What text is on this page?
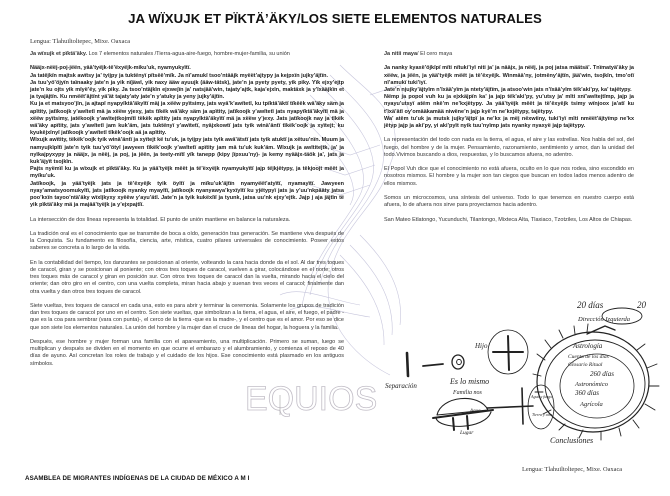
EQUIOS
JA WÏXUJK ET PÏKTÄ’ÄKY/LOS SIETE ELEMENTOS NATURALES
Lengua: Tlahuiltoltepec, Mixe. Oaxaca

Ja wïxujk et pïktä’äky. Los 7 elementos naturales /Tierra-agua-aire-fuego, hombre-mujer-familia, su unión

Nääjx-nëëj-poj-jëën, yää’tyëjk-të’ëxyëjk-miku’uk, nyamyukyïtï.
Ja tatëjkïn majtsk awïtsy ja’ tyijpy ja tuktënyï pïtsëë’mïk. Ja nï’amukï tsoo’ntääjk myëët’ajtypy ja kejpxïn jujky’äjtïn.
Ja tuu’yö’öjyïn taïnaaky jate’n ja yik nïjäwï, yik naxy ääw ayuujk (ääw-tätsk), jate’n ja pyety pyety, yik piky. Yïk ejxy’ejtp jate’n ku ojts yik mïyë’ëy, yik piky. Ja tsoo’ntäjkïn ejxwejïn ja’ natsjää’win, tajaty’ajtk, kaja’ejxïn, maktäxk ja y’ïxääjkïn et ja tyajäjtïn. Ku nmëët’äjtïnt yä’ät tajaty’aty jate’n y’atuky ja yeny jujky’äjtïn.
Ku ja et matsyoo’jïn, ja ajtapï nyapyïktä’äkyïtï mäj ja xëëw pyïtsimy, jats wyä’k’awïtetï, ku tpïktä’äktï tïkëëk wä’äky säm ja apïtity, jatïkoojk y’awïtetï mä ja xëëw yjexy, jats tïkëk wä’äky säm ja apïtity, jatïkoojk y’awïtetï jats nyapyïktä’äkyïtï mä ja xëëw pyïtsimy, jatëkoojk y’awïtejtkojmïtï tëkëk apïtity jats nyapyïktä’äkyïtï mä ja xëëw y’jexy. Jats jatïkoojk nay ja tïkëk wä’äky apïtity, jats y’awïtetï jam kuk’äm, jats tuktënyï y’awïtetï, nyäjxkowtï jats tyik winä’äntï tïkëk’oojk ja xyïtejt; ku kyukëjxïnyï jatïkoojk y’awïtetï tïkëk’oojk aä ja apïtity.
Wïxujk awïtity, tëkëk’oojk tyik winä’äntï ja xyïtejt kë tu’uk, ja tyijpy jats tyik awä’ätstï jats tyik atuktï ja xëtuu’nïn. Muum ja namyujkïpïtï jate’n tyik tuu’yö’ötyï jawyeen tïkëk’oojk y’awïtetï apïtity jam mä tu’uk kuk’äm. Wïxujk ja awïtitejtk, ja’ ja nyïkajpyxypy ja nääjx, ja nëëj, ja poj, ja jëën, ja teety-mïtï yïk tanepp (kipy jïpxuu’ny)- ja kemy nyääjx-täök ja’, jats ja kuk’äjyït tsojkïn.
Pajts nyëmïï ku ja wïxujk et pïktä’äky. Ku ja yää’tyëjk mëët ja të’ëxyëjk nyamyukyïtï jajp tëjkjëtypy, ja tëkjoojt mëët ja myïku’uk.
Jatïkoojk, ja yää’tyëjk jats ja të’ëxyëjk tyik öyïtï ja mïku’uk’äjtïn nyamyëët’atyïtï, nyamayïtï. Jawyeen nyay’amatsyoomukyïtï, jats jatïkoojk nyanky myayïtï, jatïkoojk nyanyawya’kyxïyïtï ku yjëtypyï jats ja y’uu’nkpääty jatsa poo’kxïn tayoo’ntä’äky wïxïjkyxy xyëëw y’ayu’ätï. Jate’n ja tyik kukëxïïï ja tyunk, jatsa uu’nk ejxy’ejtk. Jajp j aja jäjtïn të yik pïktä’äky mä ja majää’tyëjk ja y’ejxpajtïï.

La intersección de dos líneas representa la totalidad. El punto de unión mantiene en balance la naturaleza.

La tradición oral es el conocimiento que se transmite de boca a oído, generación tras generación. Se mantiene viva después de la Conquista. Su fundamento es filosofía, ciencia, arte, mística, cuatro pilares universales de conocimiento. Poseer estos saberes se concreta a lo largo de la vida.

En la contabilidad del tiempo, los danzantes se posicionan al oriente, volteando la cara hacia donde da el sol. Al dar tres toques de caracol, giran y se posicionan al poniente; con otros tres toques de caracol, vuelven a girar, colocándose en el norte; otros tres toques más de caracol y giran en posición sur. Con otros tres toques de caracol dan la vuelta, mirando hacia el cielo del oriente; dan otro giro en el centro, con una vuelta completa, miran hacia abajo y suenan tres veces el caracol; finalmente dan otra vuelta y dan otros tres toques de caracol.

Siete vueltas, tres toques de caracol en cada una, esto es para abrir y terminar la ceremonia. Solamente los grupos de tradición dan tres toques de caracol por uno en el centro. Son siete vueltas, que simbolizan a la tierra, el agua, el aire, el fuego, el padre -que es la coa para sembrar (vara con punta)-, el cerco de la tierra -que es la madre-, y el centro que es el amor. Por eso se dice que son siete los elementos naturales. La unión del hombre y la mujer dan el cruce de líneas del hogar, la hoguera y la familia.

Después, ese hombre y mujer forman una familia con el apareamiento, una multiplicación. Primero se suman, luego se multiplican y después se dividen en el momento en que ocurre el embarazo y el alumbramiento, y comienza el reposo de 40 días de ayuno. Así concretan los roles de trabajo y el cuidado de los hijos. Ese conocimiento está plasmado en los antiguos símbolos.

Ja nitii maya/ El cero maya

Ja nanky kyaxë’öjkïpï mïti nïtuki’iyï niti ja’ ja nääjx, ja nëëj, ja poj jatsa määtsä’. Tnïmatyä’äky ja xëëw, ja jëën, ja yää’tyëjk mëët ja të’ëxyëjk. Winmää’ny, jotmëny’äjtïn, jää’win, tsojkïn, tmo’otï nï’amukï tuki’iyï.
Jate’n njujky’äjtyïm n’ïxää’yïm ja ntety’äjtïm, ja atsoo’win jats n’ïxää’yïm tëk’aki’py, ka’ tajëtypy.
Nëmp ja popol vuh ku ja ejxkäjpïn ka’ ja jajp tëk’aki’py, yu’utsy ja’ mïti xnï’awïtejtïmp, jajp ja nyayu’utsyï atëm nkë’m ne’kxjëtypy. Ja yää’tyëjk mëët ja të’ëxyëjk tsimy wïnjoox ja’atï ku t’ïxä’ätï oy’omääkamää niwëne’n jajp kyë’m ne’kxjëtypy, tajëtypy.
Wa’ atëm tu’uk ja mutsk jujky’äjtpï ja ne’kx ja mëj nëxwiiny, tuki’iyï mïti nmëët’äjtyïmp ne’kx jëtyp jajp ja aki’py, yi aki’pyït nyik tuu’nyïmp jats nyanky nyaxyë jajp tajëtypy.

La representación del todo con nada es la tierra, el agua, el aire y las estrellas. Nos habla del sol, del fuego, del hombre y de la mujer. Pensamiento, razonamiento, sentimiento y amor, dan la unidad del todo.Vivimos buscando a dios, respuestas, y lo buscamos afuera, no adentro.

El Popol Vuh dice que el conocimiento no está afuera, oculto en lo que nos rodea, sino escondido en nosotros mismos. El hombre y la mujer son tan ciegos que buscan en todos lados menos adentro de ellos mismos.

Somos un microcosmos, una síntesis del universo. Todo lo que tenemos en nuestro cuerpo está afuera, lo de afuera nos sirve para proyectarnos hacia adentro.

San Mateo Etlatongo, Yucunduchi, Tilantongo, Mixteca Alta, Tlaxiaco, Tzotziles, Los Altos de Chiapas.

Hijo
20 días	20
Dirección Izquierda
Astrología
Cuenta de los días
Glosario Ritual
260 días
Astronómico
360 días
Agrícola
Conclusiones
Separación	Es lo mismo
Familia nos
Agua
Lugar
Agua y fuego
Tierra y aire
Lengua: Tlahuiltoltepec, Mixe. Oaxaca
ASAMBLEA DE MIGRANTES INDÍGENAS DE LA CIUDAD DE MÉXICO A M I
